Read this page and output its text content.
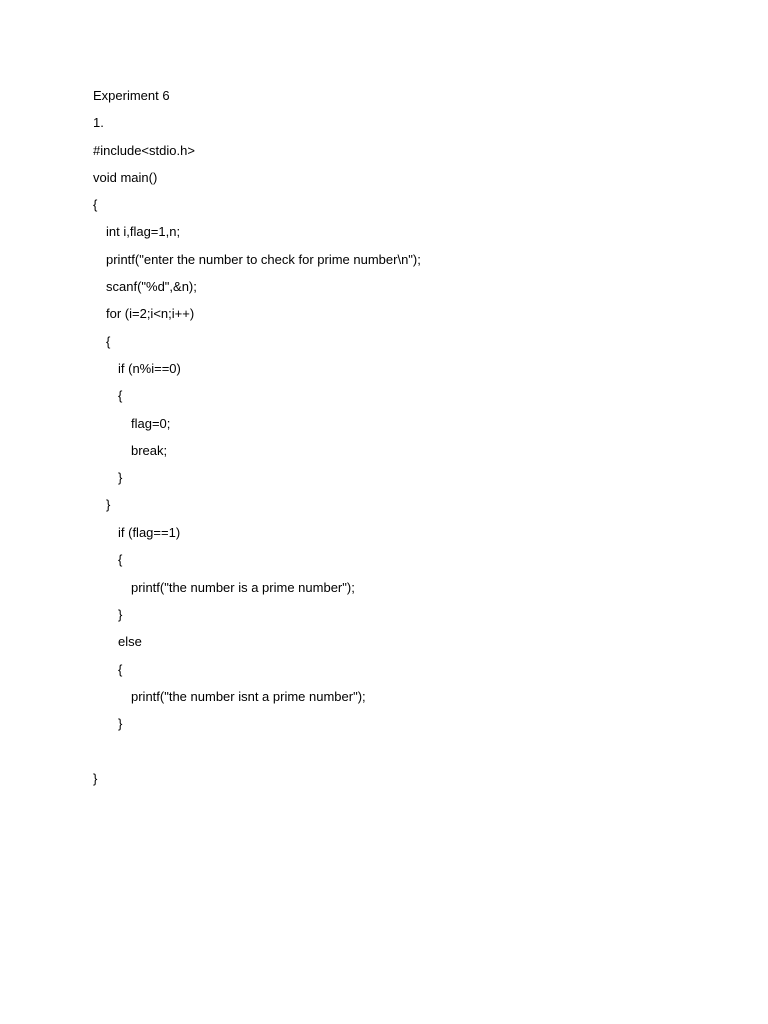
Experiment 6
1.
#include<stdio.h>
void main()
{
int i,flag=1,n;
printf("enter the number to check for prime number\n");
scanf("%d",&n);
for (i=2;i<n;i++)
{
if (n%i==0)
{
flag=0;
break;
}
}
if (flag==1)
{
printf("the number is a prime number");
}
else
{
printf("the number isnt a prime number");
}
}
